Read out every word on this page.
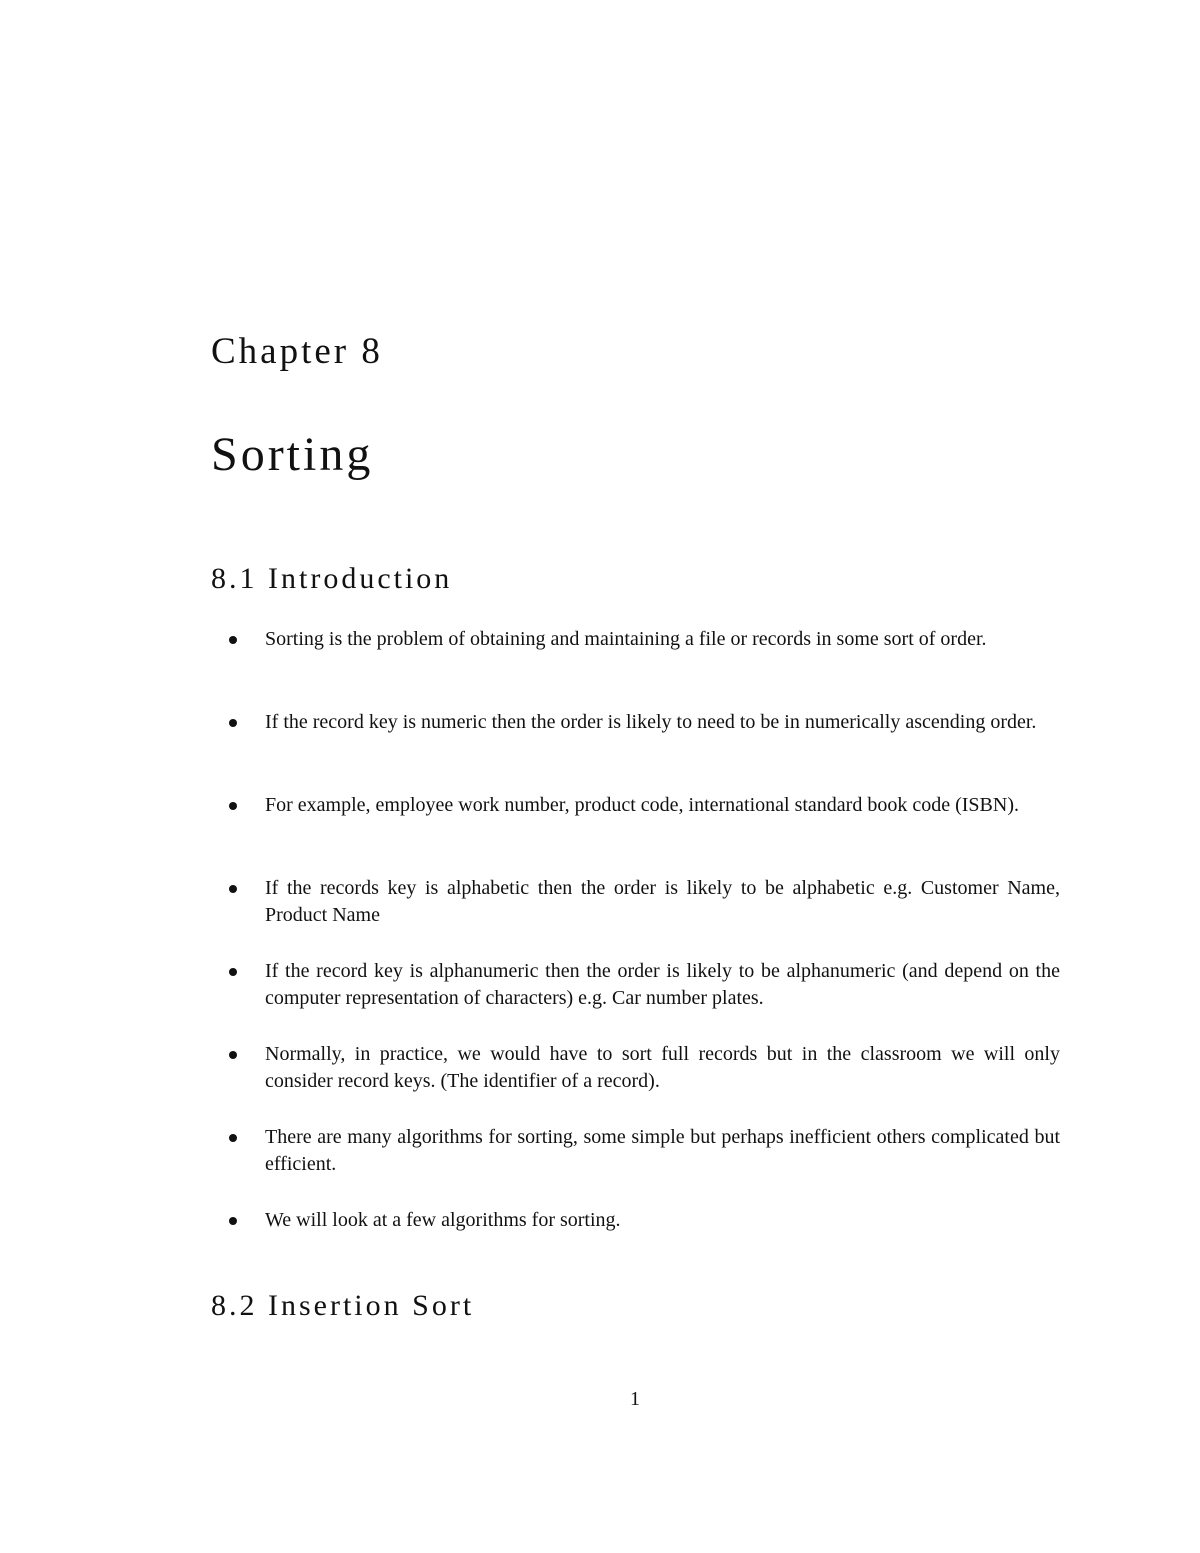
Chapter 8
Sorting
8.1 Introduction
Sorting is the problem of obtaining and maintaining a file or records in some sort of order.
If the record key is numeric then the order is likely to need to be in numerically ascending order.
For example, employee work number, product code, international standard book code (ISBN).
If the records key is alphabetic then the order is likely to be alphabetic e.g. Customer Name, Product Name
If the record key is alphanumeric then the order is likely to be alphanumeric (and depend on the computer representation of characters) e.g. Car number plates.
Normally, in practice, we would have to sort full records but in the classroom we will only consider record keys. (The identifier of a record).
There are many algorithms for sorting, some simple but perhaps inefficient others complicated but efficient.
We will look at a few algorithms for sorting.
8.2 Insertion Sort
1
